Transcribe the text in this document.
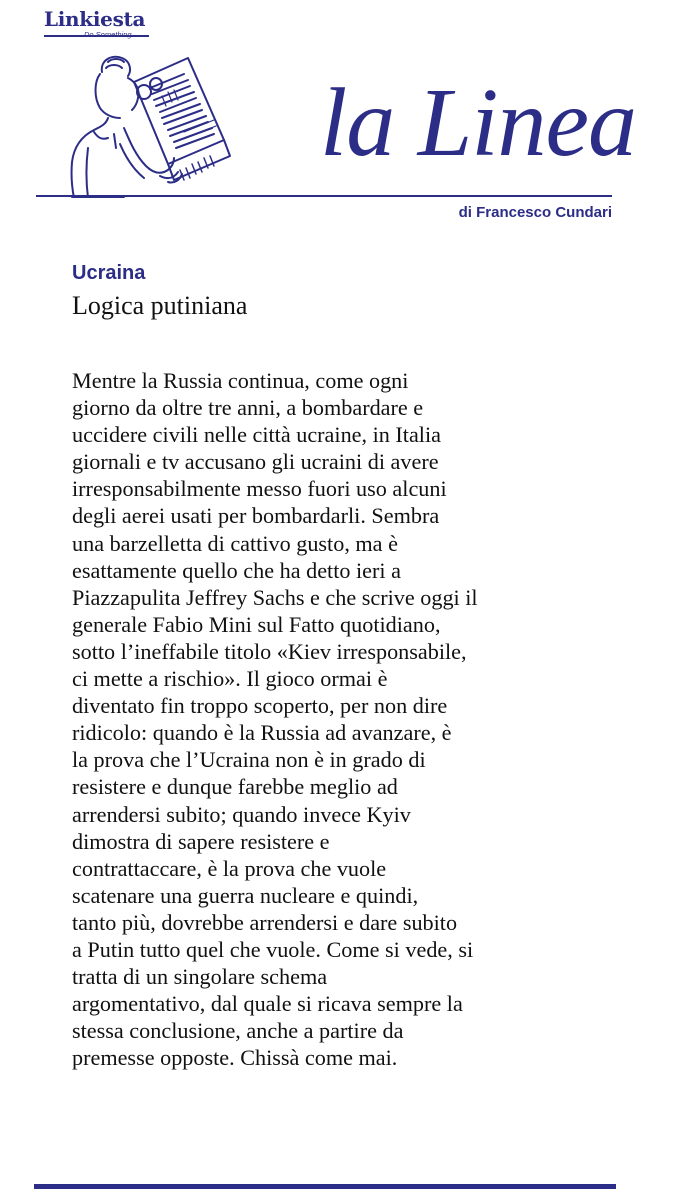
Linkiesta
la Linea
di Francesco Cundari
Ucraina
Logica putiniana
Mentre la Russia continua, come ogni
giorno da oltre tre anni, a bombardare e
uccidere civili nelle città ucraine, in Italia
giornali e tv accusano gli ucraini di avere
irresponsabilmente messo fuori uso alcuni
degli aerei usati per bombardarli. Sembra
una barzelletta di cattivo gusto, ma è
esattamente quello che ha detto ieri a
Piazzapulita Jeffrey Sachs e che scrive oggi il
generale Fabio Mini sul Fatto quotidiano,
sotto l’ineffabile titolo «Kiev irresponsabile,
ci mette a rischio». Il gioco ormai è
diventato fin troppo scoperto, per non dire
ridicolo: quando è la Russia ad avanzare, è
la prova che l’Ucraina non è in grado di
resistere e dunque farebbe meglio ad
arrendersi subito; quando invece Kyiv
dimostra di sapere resistere e
contrattaccare, è la prova che vuole
scatenare una guerra nucleare e quindi,
tanto più, dovrebbe arrendersi e dare subito
a Putin tutto quel che vuole. Come si vede, si
tratta di un singolare schema
argomentativo, dal quale si ricava sempre la
stessa conclusione, anche a partire da
premesse opposte. Chissà come mai.
